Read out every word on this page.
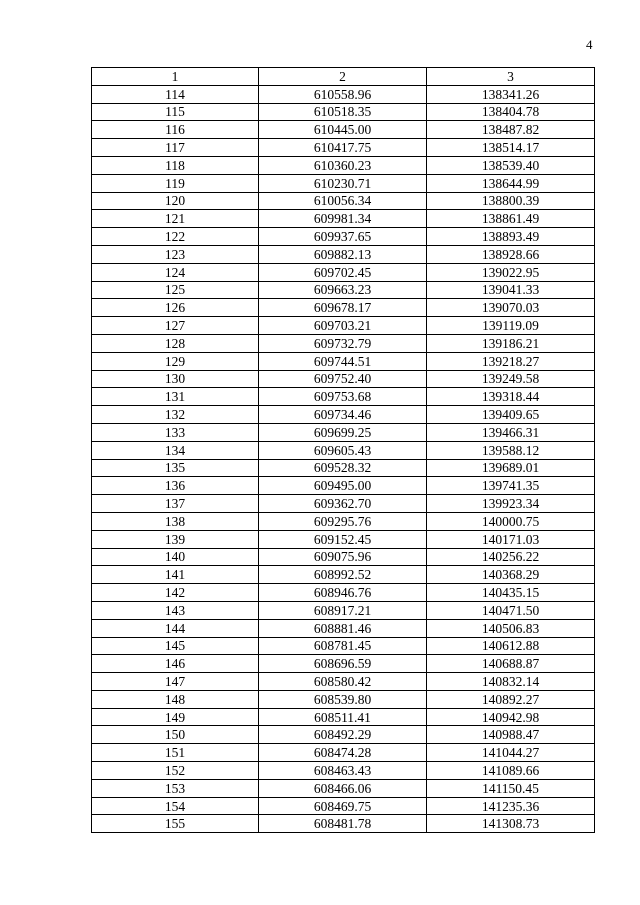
4
1	2	3
114	610558.96	138341.26
115	610518.35	138404.78
116	610445.00	138487.82
117	610417.75	138514.17
118	610360.23	138539.40
119	610230.71	138644.99
120	610056.34	138800.39
121	609981.34	138861.49
122	609937.65	138893.49
123	609882.13	138928.66
124	609702.45	139022.95
125	609663.23	139041.33
126	609678.17	139070.03
127	609703.21	139119.09
128	609732.79	139186.21
129	609744.51	139218.27
130	609752.40	139249.58
131	609753.68	139318.44
132	609734.46	139409.65
133	609699.25	139466.31
134	609605.43	139588.12
135	609528.32	139689.01
136	609495.00	139741.35
137	609362.70	139923.34
138	609295.76	140000.75
139	609152.45	140171.03
140	609075.96	140256.22
141	608992.52	140368.29
142	608946.76	140435.15
143	608917.21	140471.50
144	608881.46	140506.83
145	608781.45	140612.88
146	608696.59	140688.87
147	608580.42	140832.14
148	608539.80	140892.27
149	608511.41	140942.98
150	608492.29	140988.47
151	608474.28	141044.27
152	608463.43	141089.66
153	608466.06	141150.45
154	608469.75	141235.36
155	608481.78	141308.73
